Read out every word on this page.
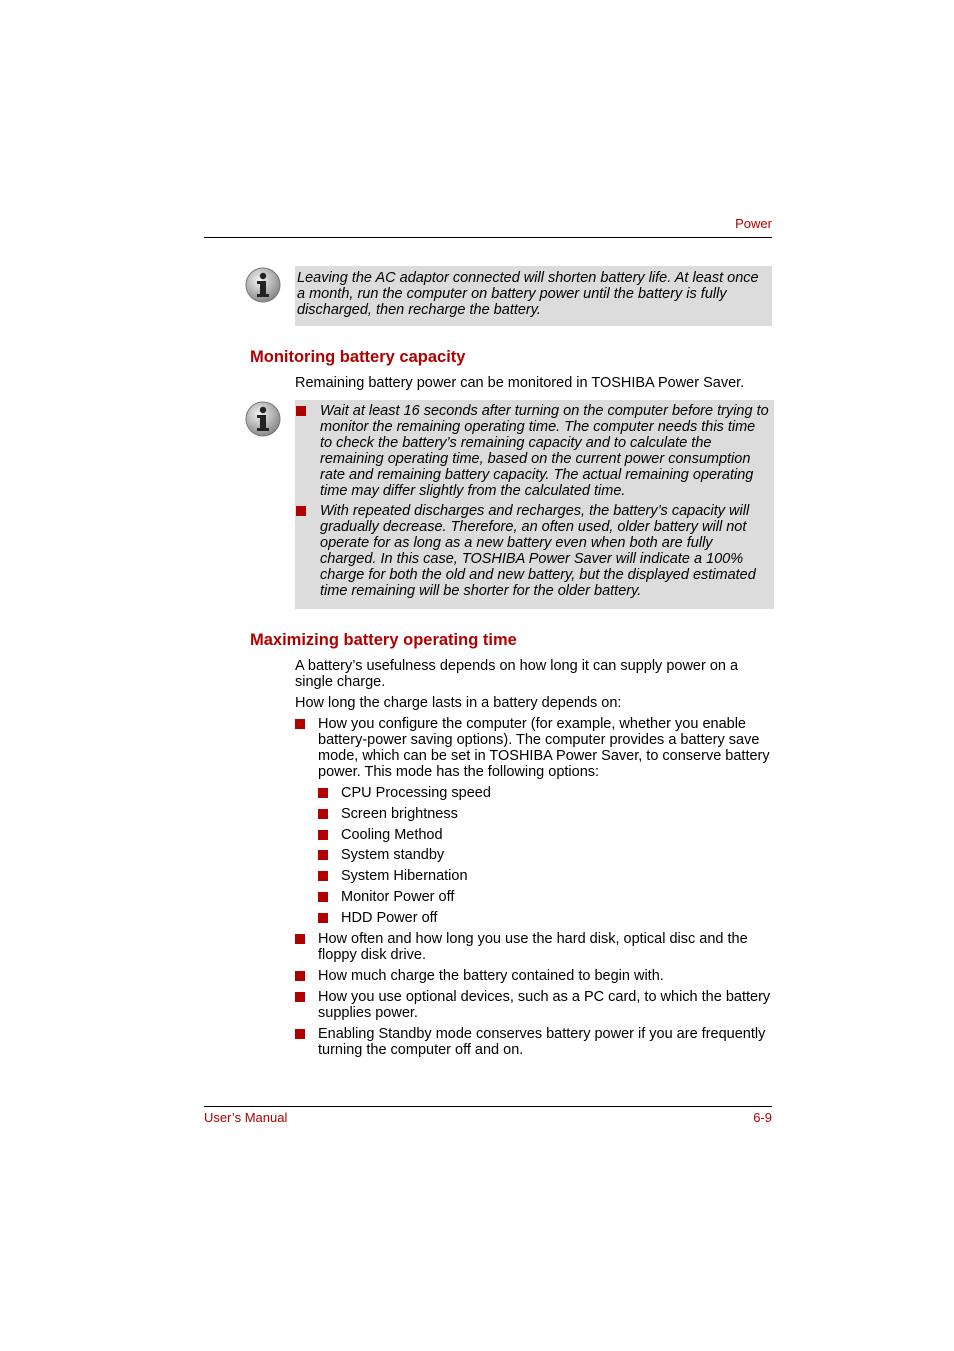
Power
Leaving the AC adaptor connected will shorten battery life. At least once a month, run the computer on battery power until the battery is fully discharged, then recharge the battery.
Monitoring battery capacity
Remaining battery power can be monitored in TOSHIBA Power Saver.
Wait at least 16 seconds after turning on the computer before trying to monitor the remaining operating time. The computer needs this time to check the battery’s remaining capacity and to calculate the remaining operating time, based on the current power consumption rate and remaining battery capacity. The actual remaining operating time may differ slightly from the calculated time.
With repeated discharges and recharges, the battery’s capacity will gradually decrease. Therefore, an often used, older battery will not operate for as long as a new battery even when both are fully charged. In this case, TOSHIBA Power Saver will indicate a 100% charge for both the old and new battery, but the displayed estimated time remaining will be shorter for the older battery.
Maximizing battery operating time
A battery’s usefulness depends on how long it can supply power on a single charge.
How long the charge lasts in a battery depends on:
How you configure the computer (for example, whether you enable battery-power saving options). The computer provides a battery save mode, which can be set in TOSHIBA Power Saver, to conserve battery power. This mode has the following options:
CPU Processing speed
Screen brightness
Cooling Method
System standby
System Hibernation
Monitor Power off
HDD Power off
How often and how long you use the hard disk, optical disc and the floppy disk drive.
How much charge the battery contained to begin with.
How you use optional devices, such as a PC card, to which the battery supplies power.
Enabling Standby mode conserves battery power if you are frequently turning the computer off and on.
User’s Manual	6-9
